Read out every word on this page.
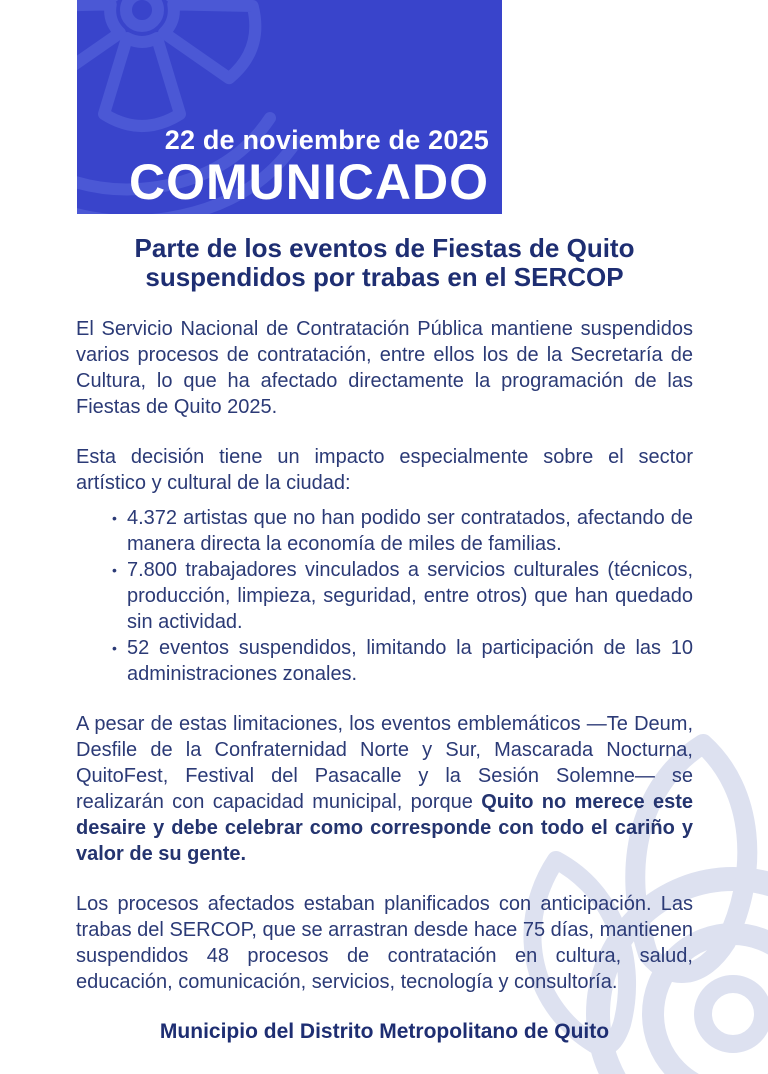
22 de noviembre de 2025
COMUNICADO
Parte de los eventos de Fiestas de Quito
suspendidos por trabas en el SERCOP

El Servicio Nacional de Contratación Pública mantiene suspendidos varios procesos de contratación, entre ellos los de la Secretaría de Cultura, lo que ha afectado directamente la programación de las Fiestas de Quito 2025.

Esta decisión tiene un impacto especialmente sobre el sector artístico y cultural de la ciudad:

• 4.372 artistas que no han podido ser contratados, afectando de manera directa la economía de miles de familias.
• 7.800 trabajadores vinculados a servicios culturales (técnicos, producción, limpieza, seguridad, entre otros) que han quedado sin actividad.
• 52 eventos suspendidos, limitando la participación de las 10 administraciones zonales.

A pesar de estas limitaciones, los eventos emblemáticos —Te Deum, Desfile de la Confraternidad Norte y Sur, Mascarada Nocturna, QuitoFest, Festival del Pasacalle y la Sesión Solemne— se realizarán con capacidad municipal, porque Quito no merece este desaire y debe celebrar como corresponde con todo el cariño y valor de su gente.

Los procesos afectados estaban planificados con anticipación. Las trabas del SERCOP, que se arrastran desde hace 75 días, mantienen suspendidos 48 procesos de contratación en cultura, salud, educación, comunicación, servicios, tecnología y consultoría.

Municipio del Distrito Metropolitano de Quito
